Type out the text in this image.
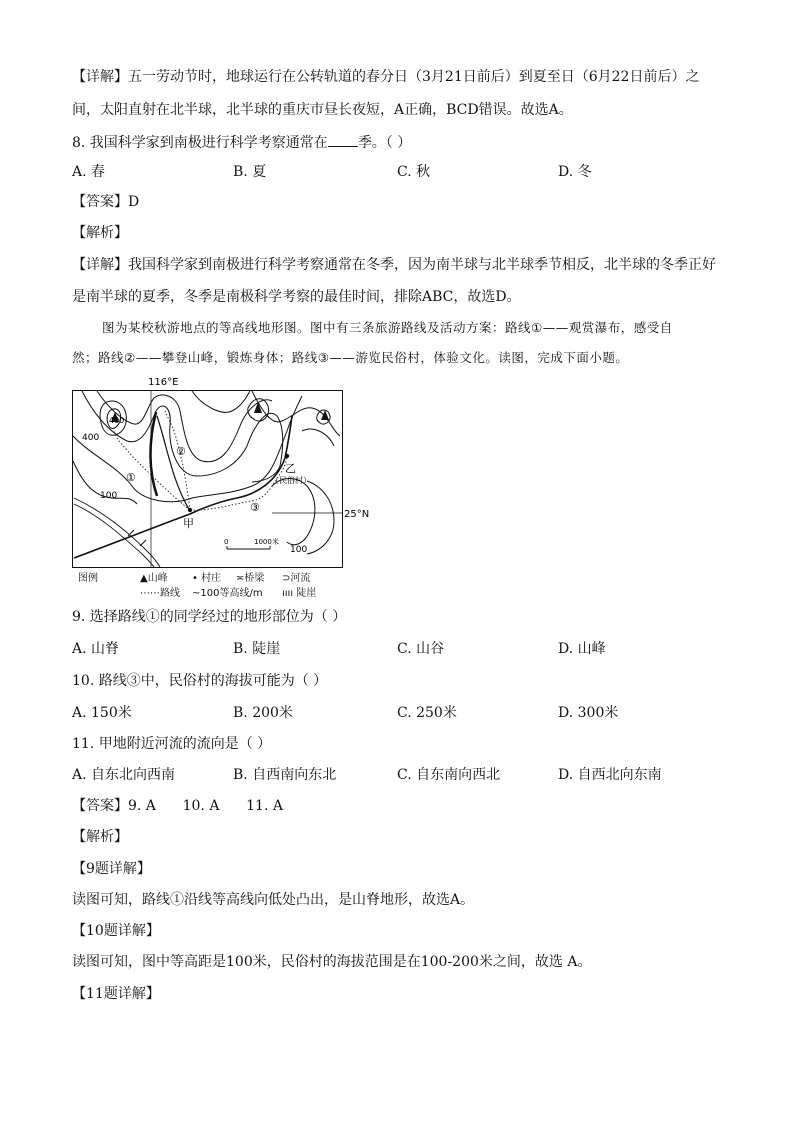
【详解】五一劳动节时，地球运行在公转轨道的春分日（3月21日前后）到夏至日（6月22日前后）之
间，太阳直射在北半球，北半球的重庆市昼长夜短，A正确，BCD错误。故选A。
8. 我国科学家到南极进行科学考察通常在 季。（ ）
A. 春	B. 夏	C. 秋	D. 冬
【答案】D
【解析】
【详解】我国科学家到南极进行科学考察通常在冬季，因为南半球与北半球季节相反，北半球的冬季正好
是南半球的夏季，冬季是南极科学考察的最佳时间，排除ABC，故选D。
图为某校秋游地点的等高线地形图。图中有三条旅游路线及活动方案：路线①——观赏瀑布，感受自
然；路线②——攀登山峰，锻炼身体；路线③——游览民俗村，体验文化。读图，完成下面小题。
116°E
25°N
①
②
③
甲
乙
（民俗村）
400
400
100
100
0	1000米
图例	▲山峰 • 村庄 ≍桥梁 ⊃河流
⋯⋯路线 ~100等高线/m ıııı 陡崖
9. 选择路线①的同学经过的地形部位为（ ）
A. 山脊	B. 陡崖	C. 山谷	D. 山峰
10. 路线③中，民俗村的海拔可能为（ ）
A. 150米	B. 200米	C. 250米	D. 300米
11. 甲地附近河流的流向是（ ）
A. 自东北向西南	B. 自西南向东北	C. 自东南向西北	D. 自西北向东南
【答案】9. A      10. A      11. A
【解析】
【9题详解】
读图可知，路线①沿线等高线向低处凸出，是山脊地形，故选A。
【10题详解】
读图可知，图中等高距是100米，民俗村的海拔范围是在100-200米之间，故选 A。
【11题详解】
